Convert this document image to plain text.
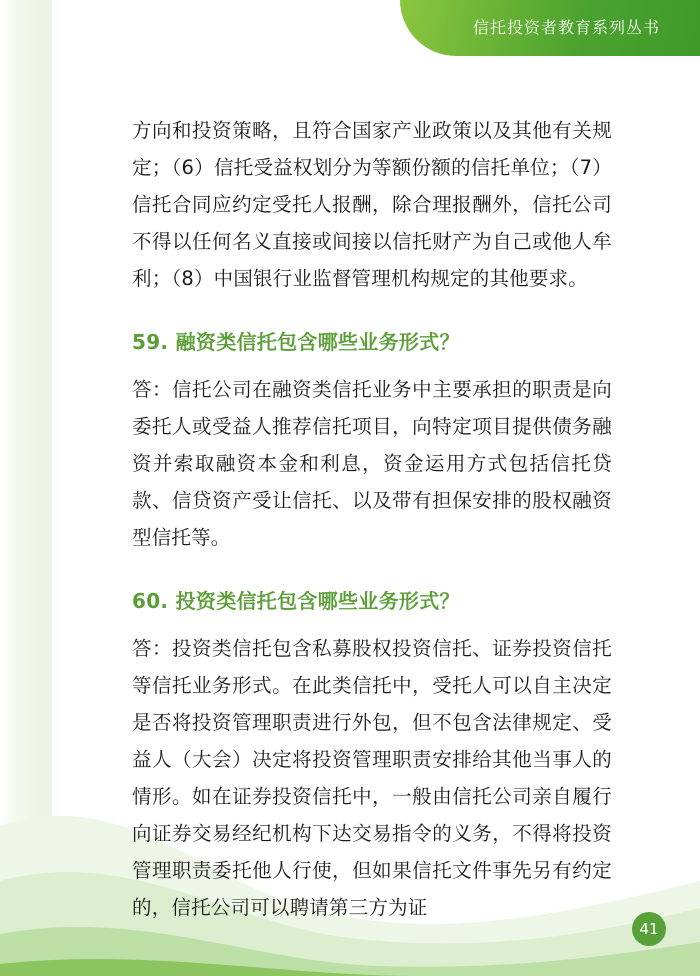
信托投资者教育系列丛书

方向和投资策略，且符合国家产业政策以及其他有关规定；（6）信托受益权划分为等额份额的信托单位；（7）信托合同应约定受托人报酬，除合理报酬外，信托公司不得以任何名义直接或间接以信托财产为自己或他人牟利；（8）中国银行业监督管理机构规定的其他要求。

59. 融资类信托包含哪些业务形式？

答：信托公司在融资类信托业务中主要承担的职责是向委托人或受益人推荐信托项目，向特定项目提供债务融资并索取融资本金和利息，资金运用方式包括信托贷款、信贷资产受让信托、以及带有担保安排的股权融资型信托等。

60. 投资类信托包含哪些业务形式？

答：投资类信托包含私募股权投资信托、证券投资信托等信托业务形式。在此类信托中，受托人可以自主决定是否将投资管理职责进行外包，但不包含法律规定、受益人（大会）决定将投资管理职责安排给其他当事人的情形。如在证券投资信托中，一般由信托公司亲自履行向证券交易经纪机构下达交易指令的义务，不得将投资管理职责委托他人行使，但如果信托文件事先另有约定的，信托公司可以聘请第三方为证

41
